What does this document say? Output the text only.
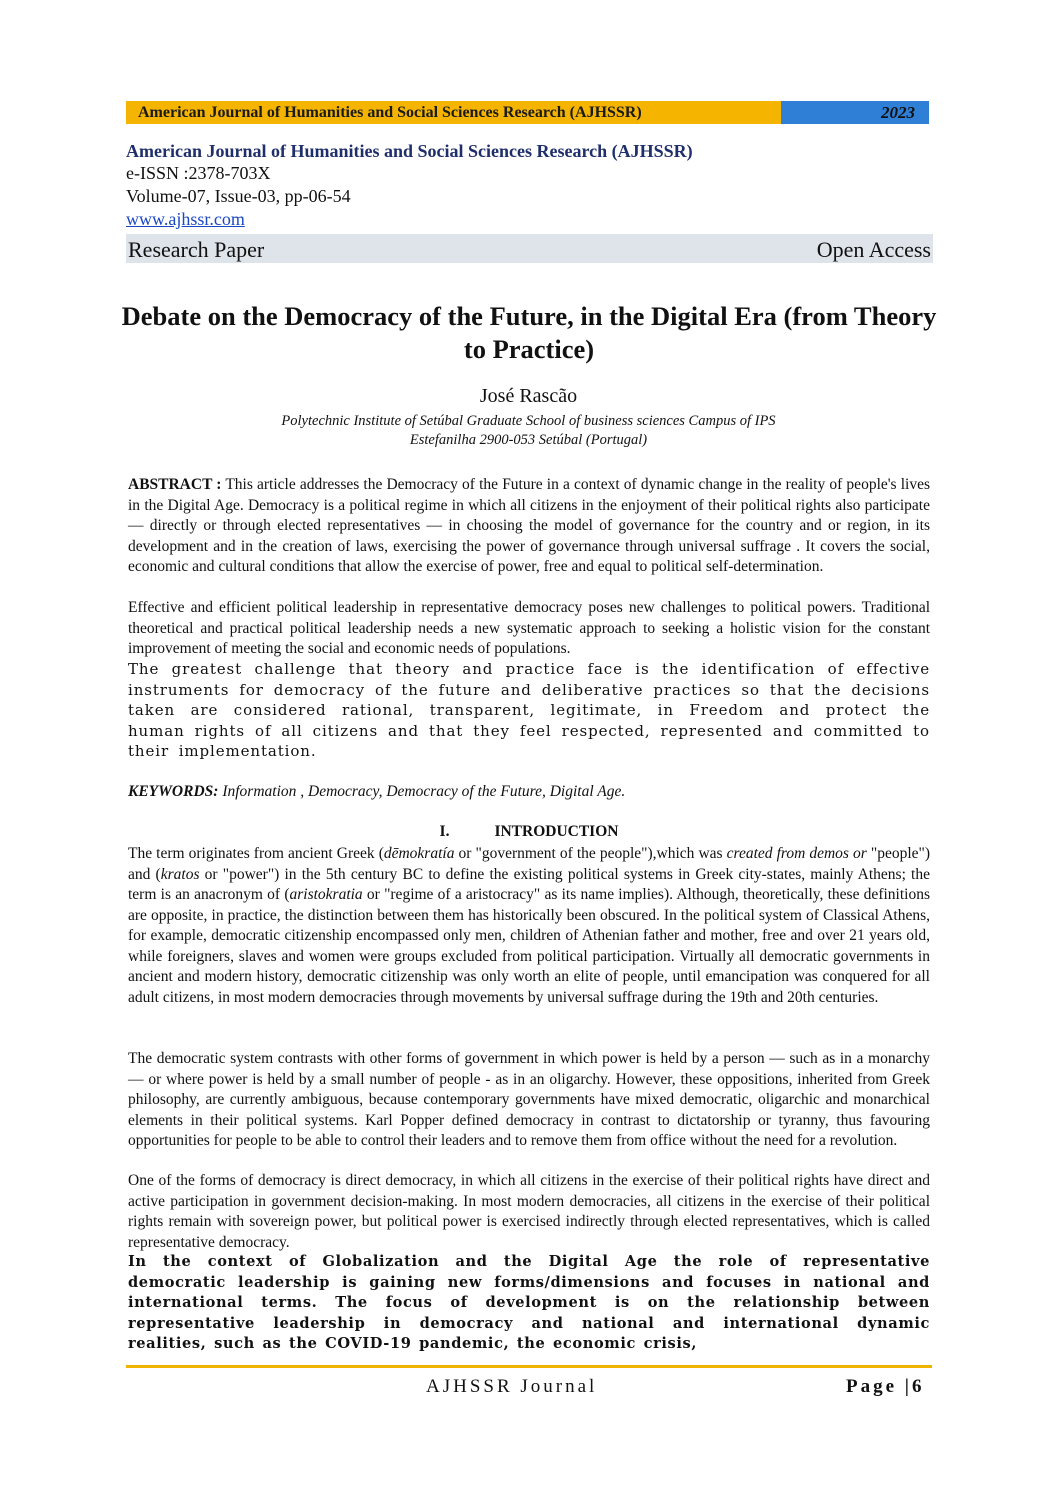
American Journal of Humanities and Social Sciences Research (AJHSSR)	2023
American Journal of Humanities and Social Sciences Research (AJHSSR)
e-ISSN :2378-703X
Volume-07, Issue-03, pp-06-54
www.ajhssr.com
Research Paper	Open Access
Debate on the Democracy of the Future, in the Digital Era (from Theory to Practice)
José Rascão
Polytechnic Institute of Setúbal Graduate School of business sciences Campus of IPS
Estefanilha 2900-053 Setúbal (Portugal)
ABSTRACT : This article addresses the Democracy of the Future in a context of dynamic change in the reality of people's lives in the Digital Age. Democracy is a political regime in which all citizens in the enjoyment of their political rights also participate — directly or through elected representatives — in choosing the model of governance for the country and or region, in its development and in the creation of laws, exercising the power of governance through universal suffrage . It covers the social, economic and cultural conditions that allow the exercise of power, free and equal to political self-determination.
Effective and efficient political leadership in representative democracy poses new challenges to political powers. Traditional theoretical and practical political leadership needs a new systematic approach to seeking a holistic vision for the constant improvement of meeting the social and economic needs of populations.
The greatest challenge that theory and practice face is the identification of effective instruments for democracy of the future and deliberative practices so that the decisions taken are considered rational, transparent, legitimate, in Freedom and protect the human rights of all citizens and that they feel respected, represented and committed to their implementation.
KEYWORDS: Information , Democracy, Democracy of the Future, Digital Age.
I.	INTRODUCTION
The term originates from ancient Greek (dēmokratía or "government of the people"),which was created from demos or "people") and (kratos or "power") in the 5th century BC to define the existing political systems in Greek city-states, mainly Athens; the term is an anacronym of (aristokratia or "regime of a aristocracy" as its name implies). Although, theoretically, these definitions are opposite, in practice, the distinction between them has historically been obscured. In the political system of Classical Athens, for example, democratic citizenship encompassed only men, children of Athenian father and mother, free and over 21 years old, while foreigners, slaves and women were groups excluded from political participation. Virtually all democratic governments in ancient and modern history, democratic citizenship was only worth an elite of people, until emancipation was conquered for all adult citizens, in most modern democracies through movements by universal suffrage during the 19th and 20th centuries.
The democratic system contrasts with other forms of government in which power is held by a person — such as in a monarchy — or where power is held by a small number of people - as in an oligarchy. However, these oppositions, inherited from Greek philosophy, are currently ambiguous, because contemporary governments have mixed democratic, oligarchic and monarchical elements in their political systems. Karl Popper defined democracy in contrast to dictatorship or tyranny, thus favouring opportunities for people to be able to control their leaders and to remove them from office without the need for a revolution.
One of the forms of democracy is direct democracy, in which all citizens in the exercise of their political rights have direct and active participation in government decision-making. In most modern democracies, all citizens in the exercise of their political rights remain with sovereign power, but political power is exercised indirectly through elected representatives, which is called representative democracy.
In the context of Globalization and the Digital Age the role of representative democratic leadership is gaining new forms/dimensions and focuses in national and international terms. The focus of development is on the relationship between representative leadership in democracy and national and international dynamic realities, such as the COVID-19 pandemic, the economic crisis,
AJHSSR Journal	Page |6
